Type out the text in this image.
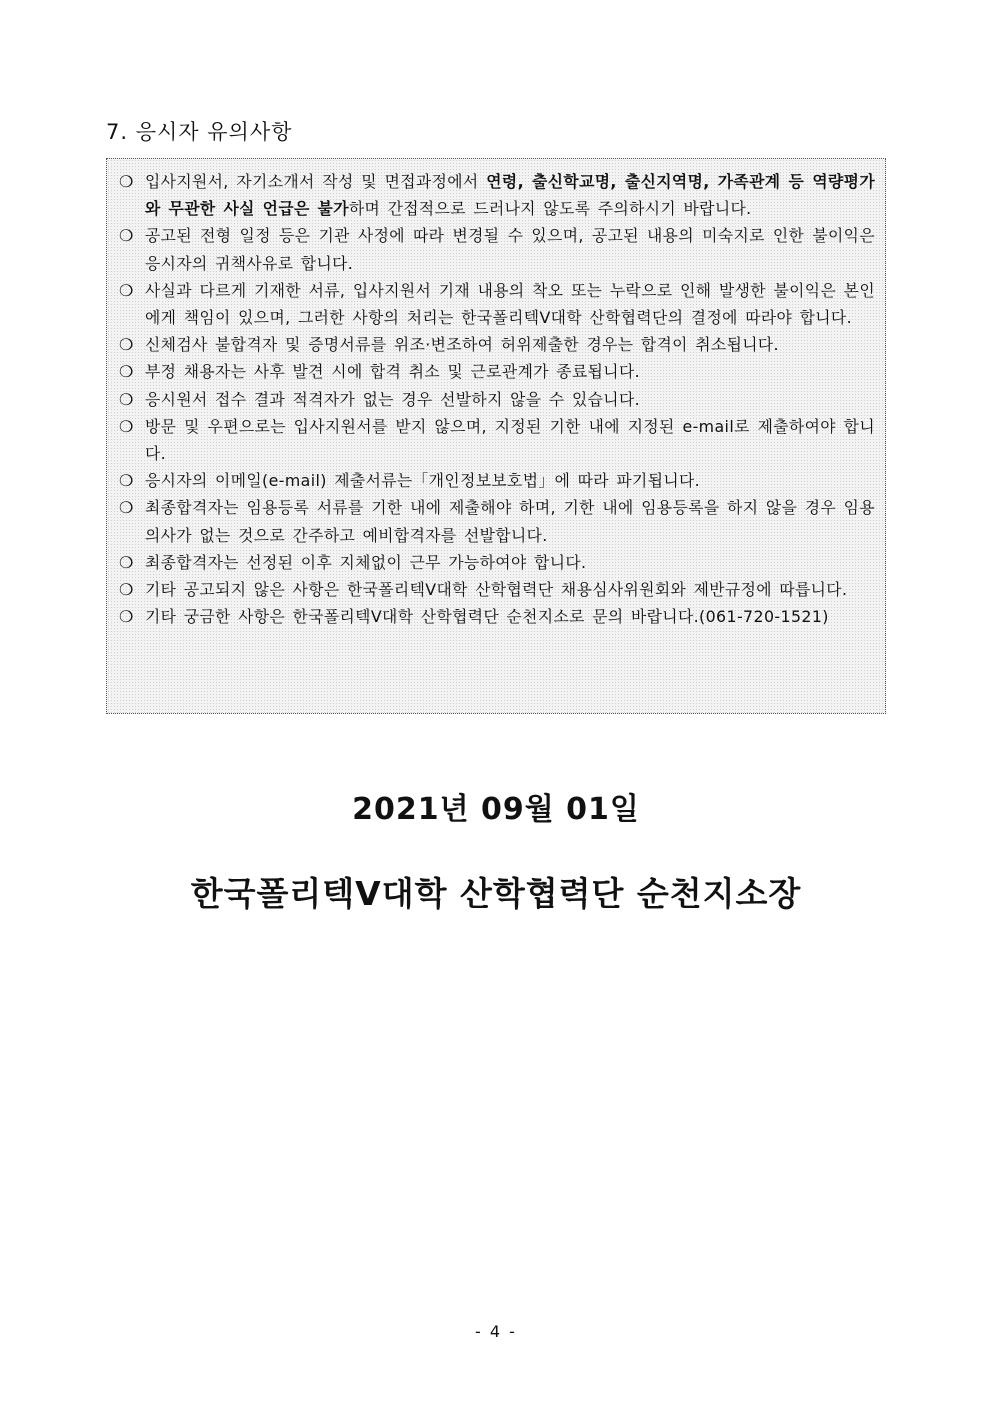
7. 응시자 유의사항
❍ 입사지원서, 자기소개서 작성 및 면접과정에서 연령, 출신학교명, 출신지역명, 가족관계 등 역량평가와 무관한 사실 언급은 불가하며 간접적으로 드러나지 않도록 주의하시기 바랍니다.
❍ 공고된 전형 일정 등은 기관 사정에 따라 변경될 수 있으며, 공고된 내용의 미숙지로 인한 불이익은 응시자의 귀책사유로 합니다.
❍ 사실과 다르게 기재한 서류, 입사지원서 기재 내용의 착오 또는 누락으로 인해 발생한 불이익은 본인에게 책임이 있으며, 그러한 사항의 처리는 한국폴리텍V대학 산학협력단의 결정에 따라야 합니다.
❍ 신체검사 불합격자 및 증명서류를 위조·변조하여 허위제출한 경우는 합격이 취소됩니다.
❍ 부정 채용자는 사후 발견 시에 합격 취소 및 근로관계가 종료됩니다.
❍ 응시원서 접수 결과 적격자가 없는 경우 선발하지 않을 수 있습니다.
❍ 방문 및 우편으로는 입사지원서를 받지 않으며, 지정된 기한 내에 지정된 e-mail로 제출하여야 합니다.
❍ 응시자의 이메일(e-mail) 제출서류는「개인정보보호법」에 따라 파기됩니다.
❍ 최종합격자는 임용등록 서류를 기한 내에 제출해야 하며, 기한 내에 임용등록을 하지 않을 경우 임용 의사가 없는 것으로 간주하고 예비합격자를 선발합니다.
❍ 최종합격자는 선정된 이후 지체없이 근무 가능하여야 합니다.
❍ 기타 공고되지 않은 사항은 한국폴리텍V대학 산학협력단 채용심사위원회와 제반규정에 따릅니다.
❍ 기타 궁금한 사항은 한국폴리텍V대학 산학협력단 순천지소로 문의 바랍니다.(061-720-1521)
2021년 09월 01일
한국폴리텍V대학 산학협력단 순천지소장
- 4 -
